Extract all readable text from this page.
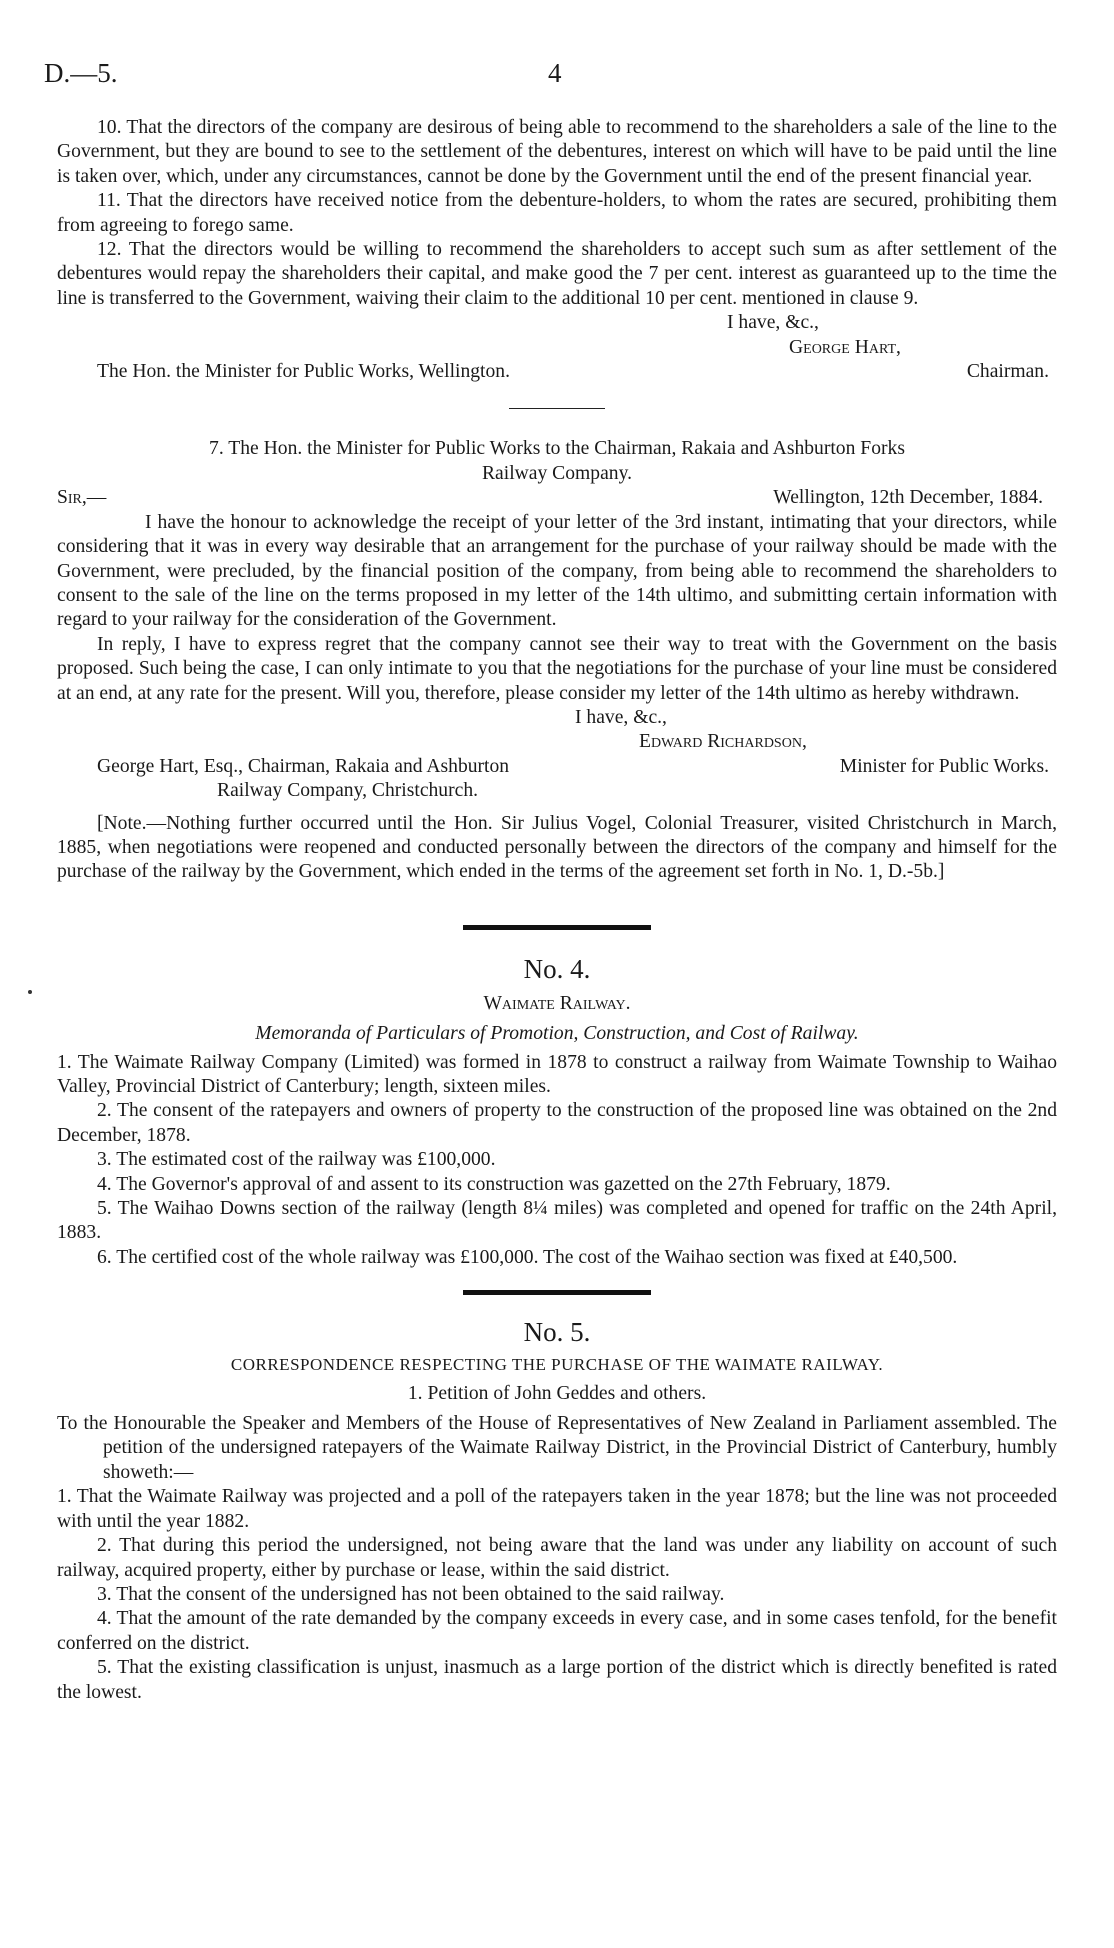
D.—5.	4

10. That the directors of the company are desirous of being able to recommend to the shareholders a sale of the line to the Government, but they are bound to see to the settlement of the debentures, interest on which will have to be paid until the line is taken over, which, under any circumstances, cannot be done by the Government until the end of the present financial year.

11. That the directors have received notice from the debenture-holders, to whom the rates are secured, prohibiting them from agreeing to forego same.

12. That the directors would be willing to recommend the shareholders to accept such sum as after settlement of the debentures would repay the shareholders their capital, and make good the 7 per cent. interest as guaranteed up to the time the line is transferred to the Government, waiving their claim to the additional 10 per cent. mentioned in clause 9.

I have, &c.,

George Hart,

The Hon. the Minister for Public Works, Wellington.	Chairman.

7. The Hon. the Minister for Public Works to the Chairman, Rakaia and Ashburton Forks

Railway Company.

Sir,—	Wellington, 12th December, 1884.

I have the honour to acknowledge the receipt of your letter of the 3rd instant, intimating that your directors, while considering that it was in every way desirable that an arrangement for the purchase of your railway should be made with the Government, were precluded, by the financial position of the company, from being able to recommend the shareholders to consent to the sale of the line on the terms proposed in my letter of the 14th ultimo, and submitting certain information with regard to your railway for the consideration of the Government.

In reply, I have to express regret that the company cannot see their way to treat with the Government on the basis proposed. Such being the case, I can only intimate to you that the negotiations for the purchase of your line must be considered at an end, at any rate for the present. Will you, therefore, please consider my letter of the 14th ultimo as hereby withdrawn.

I have, &c.,

Edward Richardson,

George Hart, Esq., Chairman, Rakaia and Ashburton	Minister for Public Works.

Railway Company, Christchurch.

[Note.—Nothing further occurred until the Hon. Sir Julius Vogel, Colonial Treasurer, visited Christchurch in March, 1885, when negotiations were reopened and conducted personally between the directors of the company and himself for the purchase of the railway by the Government, which ended in the terms of the agreement set forth in No. 1, D.-5b.]

No. 4.

Waimate Railway.

Memoranda of Particulars of Promotion, Construction, and Cost of Railway.

1. The Waimate Railway Company (Limited) was formed in 1878 to construct a railway from Waimate Township to Waihao Valley, Provincial District of Canterbury; length, sixteen miles.

2. The consent of the ratepayers and owners of property to the construction of the proposed line was obtained on the 2nd December, 1878.

3. The estimated cost of the railway was £100,000.

4. The Governor's approval of and assent to its construction was gazetted on the 27th February, 1879.

5. The Waihao Downs section of the railway (length 8¼ miles) was completed and opened for traffic on the 24th April, 1883.

6. The certified cost of the whole railway was £100,000. The cost of the Waihao section was fixed at £40,500.

No. 5.

CORRESPONDENCE RESPECTING THE PURCHASE OF THE WAIMATE RAILWAY.

1. Petition of John Geddes and others.

To the Honourable the Speaker and Members of the House of Representatives of New Zealand in Parliament assembled. The petition of the undersigned ratepayers of the Waimate Railway District, in the Provincial District of Canterbury, humbly showeth:—

1. That the Waimate Railway was projected and a poll of the ratepayers taken in the year 1878; but the line was not proceeded with until the year 1882.

2. That during this period the undersigned, not being aware that the land was under any liability on account of such railway, acquired property, either by purchase or lease, within the said district.

3. That the consent of the undersigned has not been obtained to the said railway.

4. That the amount of the rate demanded by the company exceeds in every case, and in some cases tenfold, for the benefit conferred on the district.

5. That the existing classification is unjust, inasmuch as a large portion of the district which is directly benefited is rated the lowest.
